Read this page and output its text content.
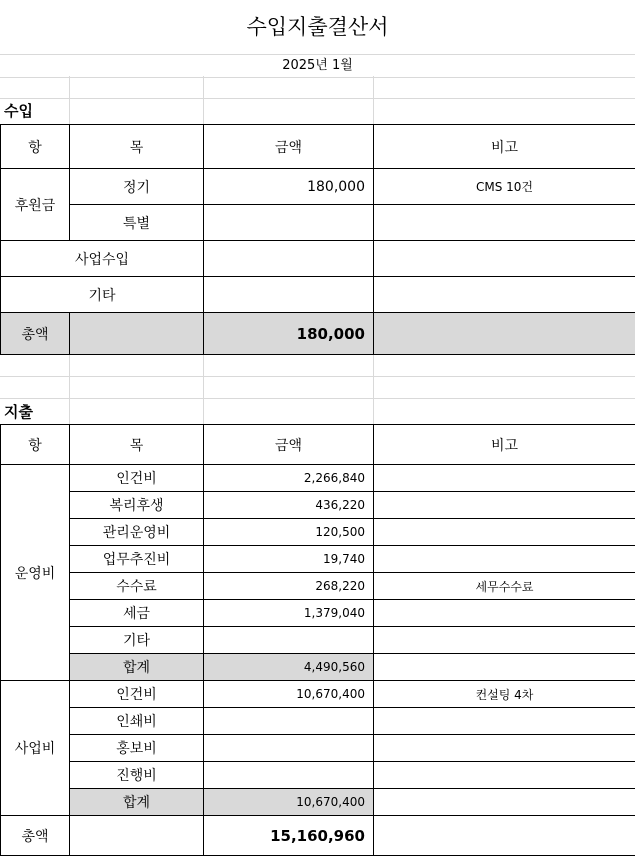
수입지출결산서
2025년 1월
수입
항	목	금액	비고
후원금	정기	180,000	CMS 10건
	특별		
사업수입			
기타			
총액		180,000	
지출
항	목	금액	비고
운영비	인건비	2,266,840	
	복리후생	436,220	
	관리운영비	120,500	
	업무추진비	19,740	
	수수료	268,220	세무수수료
	세금	1,379,040	
	기타		
	합계	4,490,560	
사업비	인건비	10,670,400	컨설팅 4차
	인쇄비		
	홍보비		
	진행비		
	합계	10,670,400	
총액		15,160,960	
